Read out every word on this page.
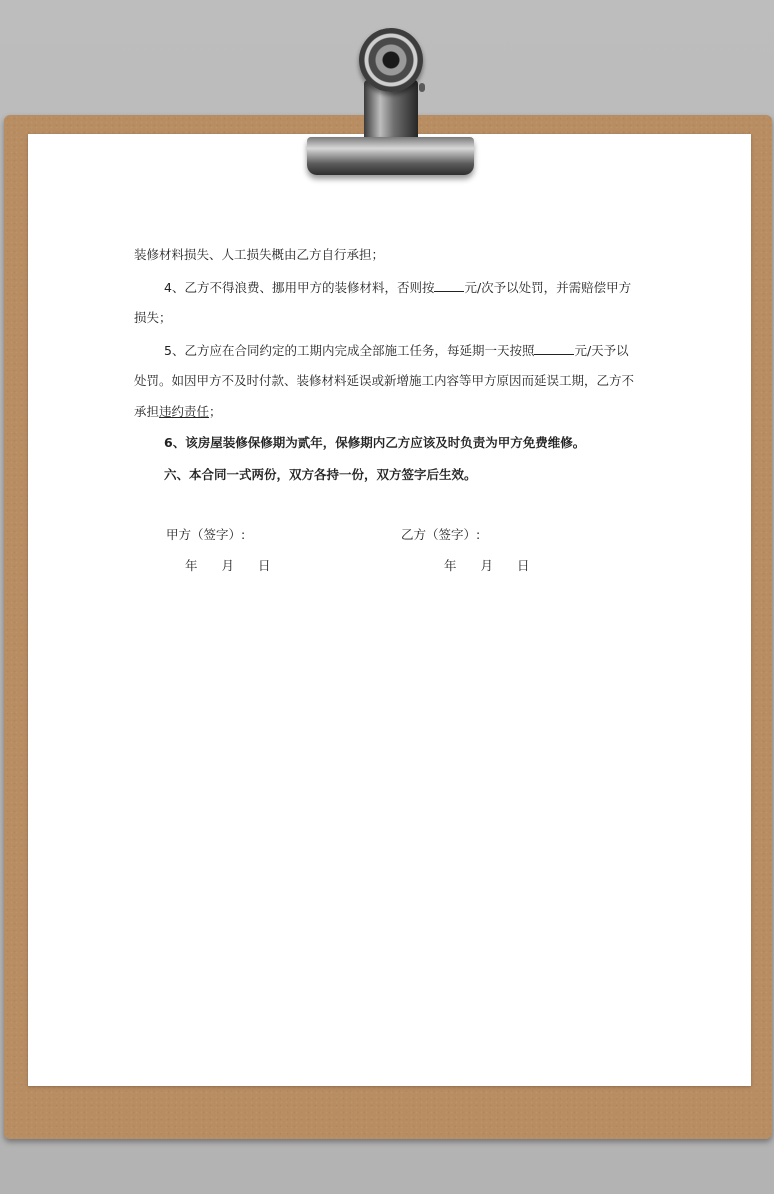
装修材料损失、人工损失概由乙方自行承担；
4、乙方不得浪费、挪用甲方的装修材料，否则按 元/次予以处罚，并需赔偿甲方
损失；
5、乙方应在合同约定的工期内完成全部施工任务，每延期一天按照	元/天予以
处罚。如因甲方不及时付款、装修材料延误或新增施工内容等甲方原因而延误工期，乙方不
承担违约责任；
6、该房屋装修保修期为贰年，保修期内乙方应该及时负责为甲方免费维修。
六、本合同一式两份，双方各持一份，双方签字后生效。
甲方（签字）:	乙方（签字）:
年 月 日	年 月 日
